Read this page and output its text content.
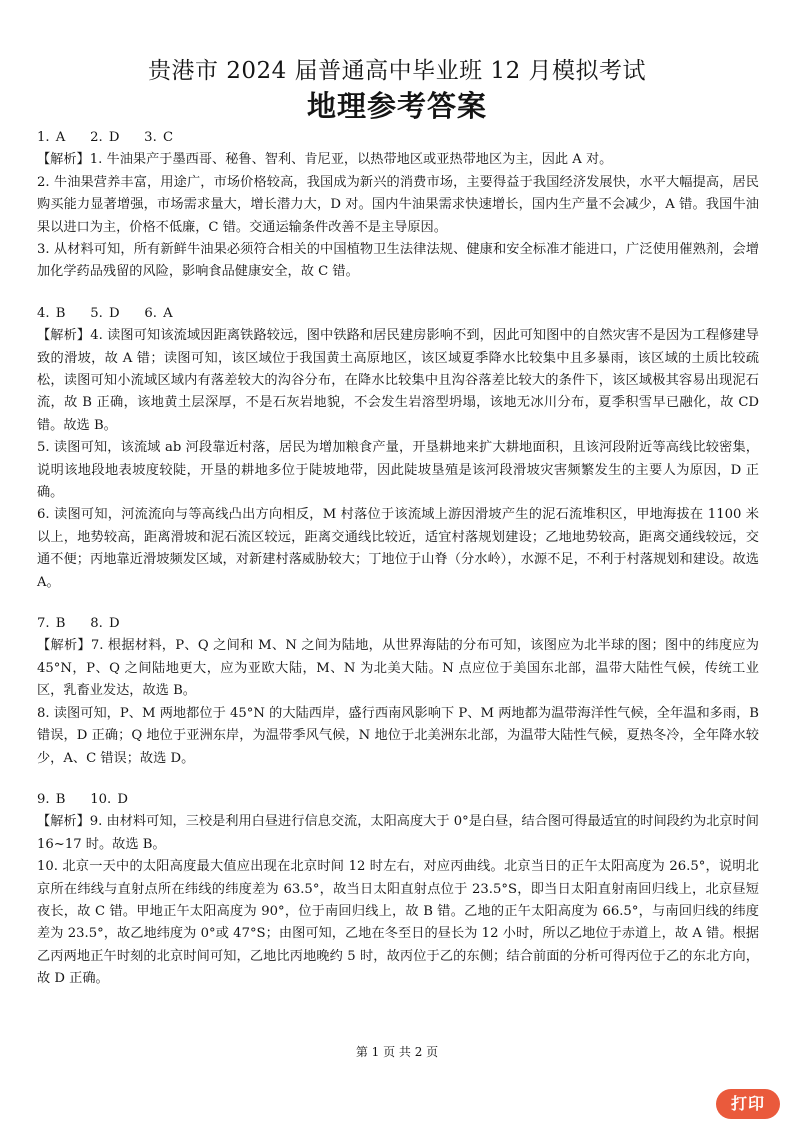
贵港市 2024 届普通高中毕业班 12 月模拟考试
地理参考答案
1. A    2. D    3. C
【解析】1. 牛油果产于墨西哥、秘鲁、智利、肯尼亚，以热带地区或亚热带地区为主，因此 A 对。
2. 牛油果营养丰富，用途广，市场价格较高，我国成为新兴的消费市场，主要得益于我国经济发展快，水平大幅提高，居民购买能力显著增强，市场需求量大，增长潜力大，D 对。国内牛油果需求快速增长，国内生产量不会减少，A 错。我国牛油果以进口为主，价格不低廉，C 错。交通运输条件改善不是主导原因。
3. 从材料可知，所有新鲜牛油果必须符合相关的中国植物卫生法律法规、健康和安全标准才能进口，广泛使用催熟剂，会增加化学药品残留的风险，影响食品健康安全，故 C 错。
4. B    5. D    6. A
【解析】4. 读图可知该流域因距离铁路较远，图中铁路和居民建房影响不到，因此可知图中的自然灾害不是因为工程修建导致的滑坡，故 A 错；读图可知，该区域位于我国黄土高原地区，该区域夏季降水比较集中且多暴雨，该区域的土质比较疏松，读图可知小流域区域内有落差较大的沟谷分布，在降水比较集中且沟谷落差比较大的条件下，该区域极其容易出现泥石流，故 B 正确，该地黄土层深厚，不是石灰岩地貌，不会发生岩溶型坍塌，该地无冰川分布，夏季积雪早已融化，故 CD 错。故选 B。
5. 读图可知，该流域 ab 河段靠近村落，居民为增加粮食产量，开垦耕地来扩大耕地面积，且该河段附近等高线比较密集，说明该地段地表坡度较陡，开垦的耕地多位于陡坡地带，因此陡坡垦殖是该河段滑坡灾害频繁发生的主要人为原因，D 正确。
6. 读图可知，河流流向与等高线凸出方向相反，M 村落位于该流域上游因滑坡产生的泥石流堆积区，甲地海拔在 1100 米以上，地势较高，距离滑坡和泥石流区较远，距离交通线比较近，适宜村落规划建设；乙地地势较高，距离交通线较远，交通不便；丙地靠近滑坡频发区域，对新建村落威胁较大；丁地位于山脊（分水岭），水源不足，不利于村落规划和建设。故选 A。
7. B    8. D
【解析】7. 根据材料，P、Q 之间和 M、N 之间为陆地，从世界海陆的分布可知，该图应为北半球的图；图中的纬度应为 45°N，P、Q 之间陆地更大，应为亚欧大陆，M、N 为北美大陆。N 点应位于美国东北部，温带大陆性气候，传统工业区，乳畜业发达，故选 B。
8. 读图可知，P、M 两地都位于 45°N 的大陆西岸，盛行西南风影响下 P、M 两地都为温带海洋性气候，全年温和多雨，B 错误，D 正确；Q 地位于亚洲东岸，为温带季风气候，N 地位于北美洲东北部，为温带大陆性气候，夏热冬冷，全年降水较少，A、C 错误；故选 D。
9. B    10. D
【解析】9. 由材料可知，三校是利用白昼进行信息交流，太阳高度大于 0°是白昼，结合图可得最适宜的时间段约为北京时间 16~17 时。故选 B。
10. 北京一天中的太阳高度最大值应出现在北京时间 12 时左右，对应丙曲线。北京当日的正午太阳高度为 26.5°，说明北京所在纬线与直射点所在纬线的纬度差为 63.5°，故当日太阳直射点位于 23.5°S，即当日太阳直射南回归线上，北京昼短夜长，故 C 错。甲地正午太阳高度为 90°，位于南回归线上，故 B 错。乙地的正午太阳高度为 66.5°，与南回归线的纬度差为 23.5°，故乙地纬度为 0°或 47°S；由图可知，乙地在冬至日的昼长为 12 小时，所以乙地位于赤道上，故 A 错。根据乙丙两地正午时刻的北京时间可知，乙地比丙地晚约 5 时，故丙位于乙的东侧；结合前面的分析可得丙位于乙的东北方向，故 D 正确。
第 1 页 共 2 页
打印
